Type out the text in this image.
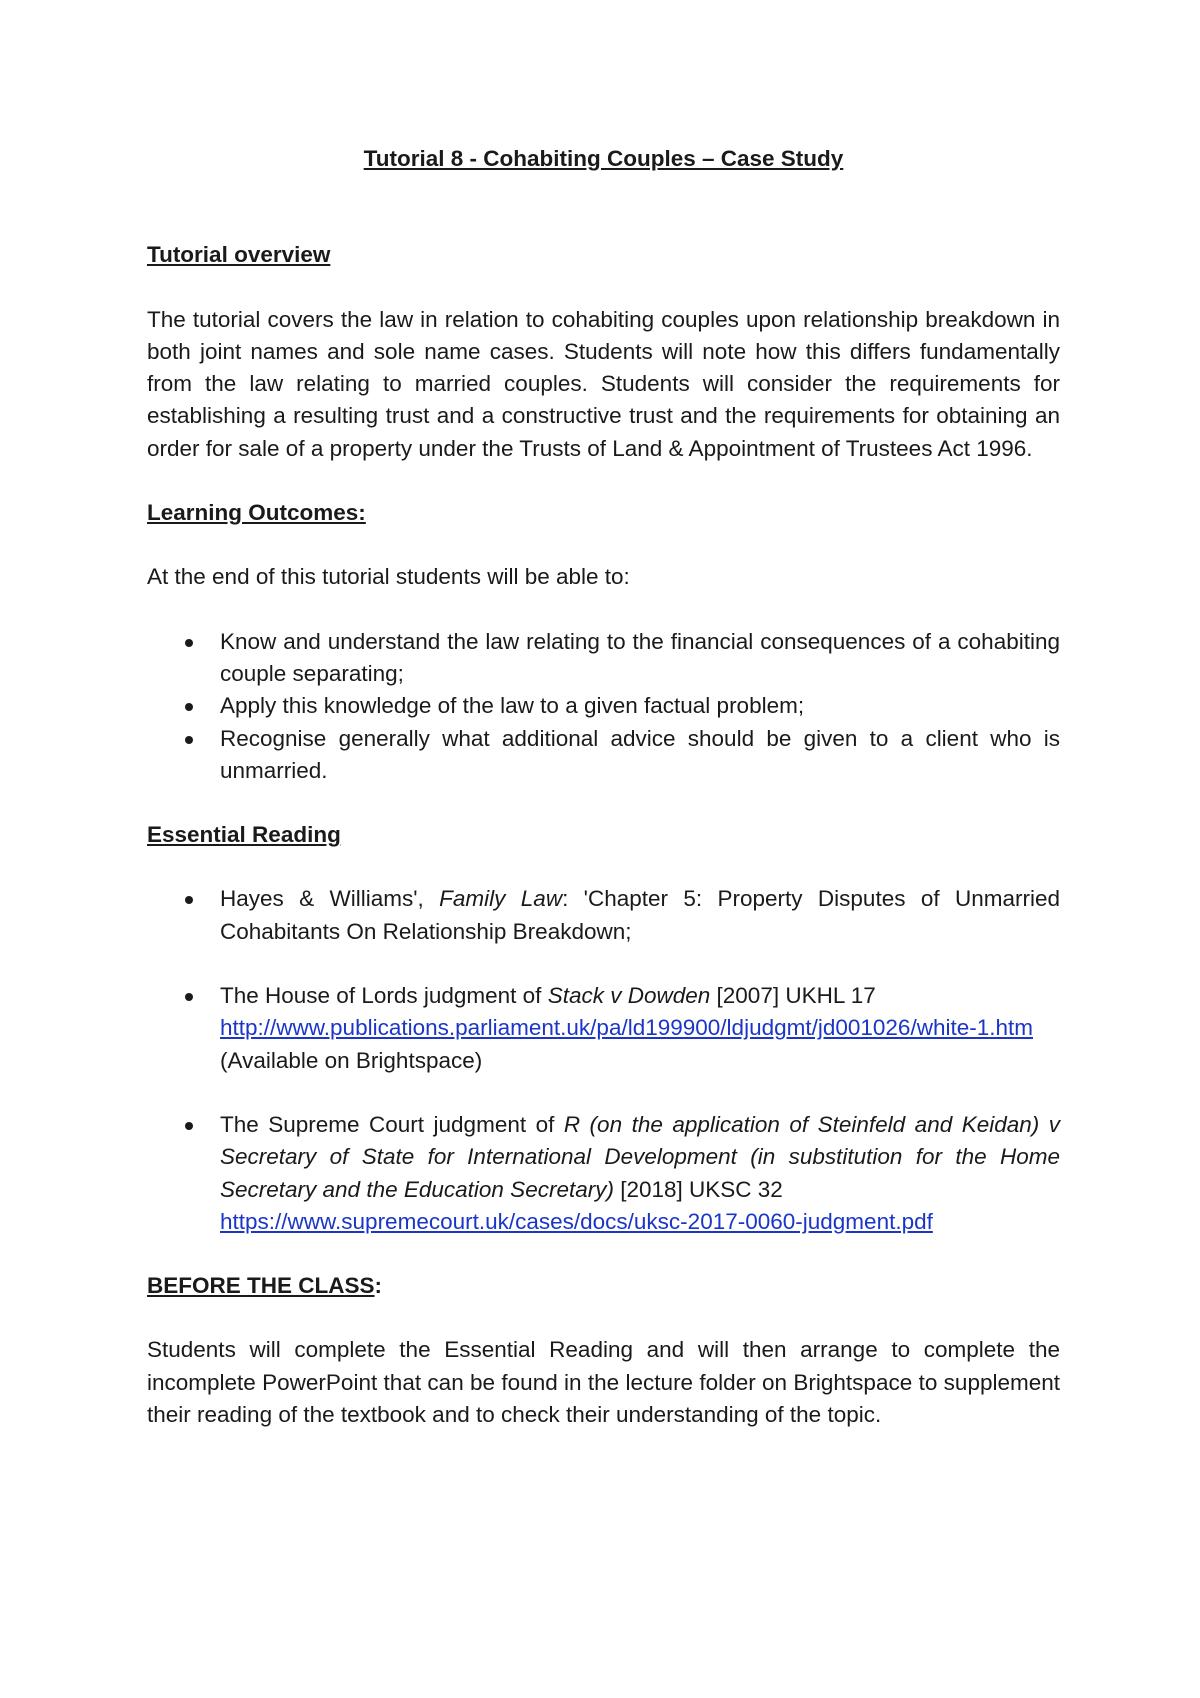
Tutorial 8 - Cohabiting Couples – Case Study
Tutorial overview

The tutorial covers the law in relation to cohabiting couples upon relationship breakdown in both joint names and sole name cases. Students will note how this differs fundamentally from the law relating to married couples. Students will consider the requirements for establishing a resulting trust and a constructive trust and the requirements for obtaining an order for sale of a property under the Trusts of Land & Appointment of Trustees Act 1996.

Learning Outcomes:

At the end of this tutorial students will be able to:

Know and understand the law relating to the financial consequences of a cohabiting couple separating;
Apply this knowledge of the law to a given factual problem;
Recognise generally what additional advice should be given to a client who is unmarried.
Essential Reading
Hayes & Williams', Family Law: 'Chapter 5: Property Disputes of Unmarried Cohabitants On Relationship Breakdown;
The House of Lords judgment of Stack v Dowden [2007] UKHL 17
http://www.publications.parliament.uk/pa/ld199900/ldjudgmt/jd001026/white-1.htm (Available on Brightspace)
The Supreme Court judgment of R (on the application of Steinfeld and Keidan) v Secretary of State for International Development (in substitution for the Home Secretary and the Education Secretary) [2018] UKSC 32
https://www.supremecourt.uk/cases/docs/uksc-2017-0060-judgment.pdf
BEFORE THE CLASS:

Students will complete the Essential Reading and will then arrange to complete the incomplete PowerPoint that can be found in the lecture folder on Brightspace to supplement their reading of the textbook and to check their understanding of the topic.
